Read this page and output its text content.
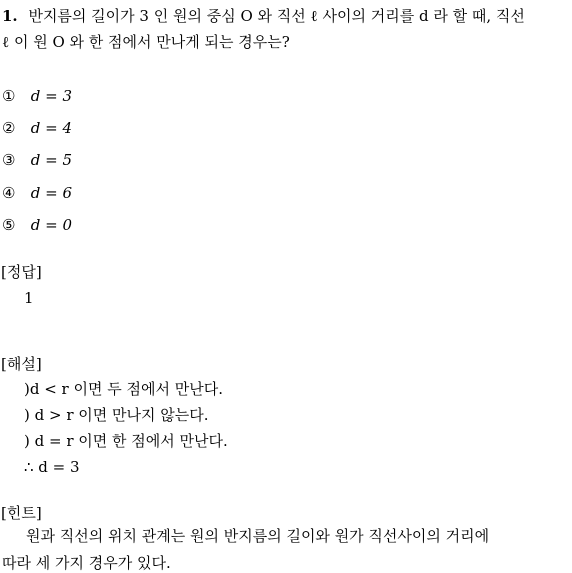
1. 반지름의 길이가 3 인 원의 중심 O 와 직선 ℓ 사이의 거리를 d 라 할 때, 직선
ℓ 이 원 O 와 한 점에서 만나게 되는 경우는?
① d = 3
② d = 4
③ d = 5
④ d = 6
⑤ d = 0
[정답]
1
[해설]
)d < r 이면 두 점에서 만난다.
) d > r 이면 만나지 않는다.
) d = r 이면 한 점에서 만난다.
∴ d = 3
[힌트]
원과 직선의 위치 관계는 원의 반지름의 길이와 원가 직선사이의 거리에
따라 세 가지 경우가 있다.
